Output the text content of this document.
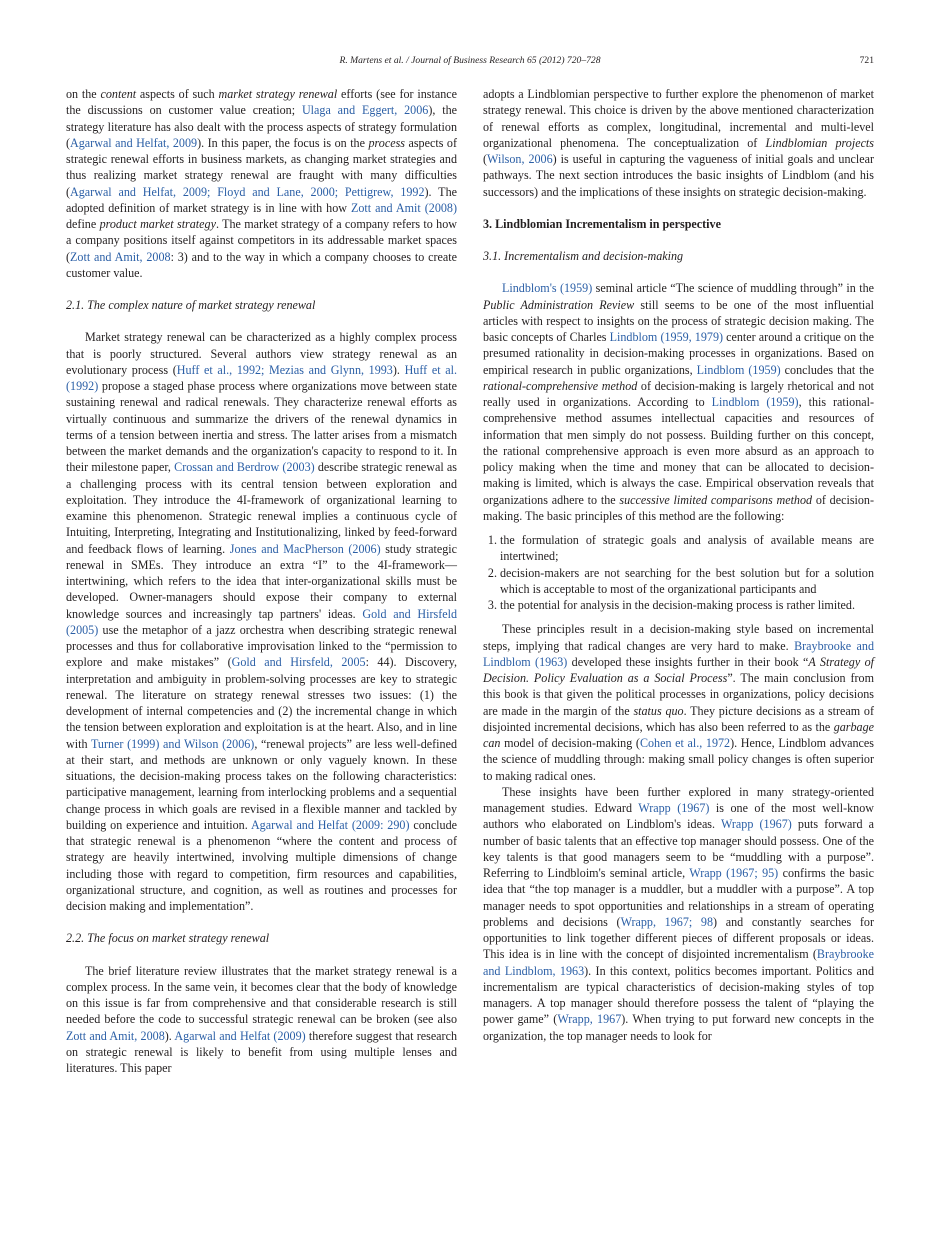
R. Martens et al. / Journal of Business Research 65 (2012) 720–728	721

on the content aspects of such market strategy renewal efforts (see for instance the discussions on customer value creation; Ulaga and Eggert, 2006), the strategy literature has also dealt with the process aspects of strategy formulation (Agarwal and Helfat, 2009). In this paper, the focus is on the process aspects of strategic renewal efforts in business markets, as changing market strategies and thus realizing market strategy renewal are fraught with many difficulties (Agarwal and Helfat, 2009; Floyd and Lane, 2000; Pettigrew, 1992). The adopted definition of market strategy is in line with how Zott and Amit (2008) define product market strategy. The market strategy of a company refers to how a company positions itself against competitors in its addressable market spaces (Zott and Amit, 2008: 3) and to the way in which a company chooses to create customer value.

2.1. The complex nature of market strategy renewal

Market strategy renewal can be characterized as a highly complex process that is poorly structured. Several authors view strategy renewal as an evolutionary process (Huff et al., 1992; Mezias and Glynn, 1993). Huff et al. (1992) propose a staged phase process where organizations move between state sustaining renewal and radical renewals. They characterize renewal efforts as virtually continuous and summarize the drivers of the renewal dynamics in terms of a tension between inertia and stress. The latter arises from a mismatch between the market demands and the organization's capacity to respond to it. In their milestone paper, Crossan and Berdrow (2003) describe strategic renewal as a challenging process with its central tension between exploration and exploitation. They introduce the 4I-framework of organizational learning to examine this phenomenon. Strategic renewal implies a continuous cycle of Intuiting, Interpreting, Integrating and Institutionalizing, linked by feed-forward and feedback flows of learning. Jones and MacPherson (2006) study strategic renewal in SMEs. They introduce an extra “I” to the 4I-framework—intertwining, which refers to the idea that inter-organizational skills must be developed. Owner-managers should expose their company to external knowledge sources and increasingly tap partners' ideas. Gold and Hirsfeld (2005) use the metaphor of a jazz orchestra when describing strategic renewal processes and thus for collaborative improvisation linked to the “permission to explore and make mistakes” (Gold and Hirsfeld, 2005: 44). Discovery, interpretation and ambiguity in problem-solving processes are key to strategic renewal. The literature on strategy renewal stresses two issues: (1) the development of internal competencies and (2) the incremental change in which the tension between exploration and exploitation is at the heart. Also, and in line with Turner (1999) and Wilson (2006), “renewal projects” are less well-defined at their start, and methods are unknown or only vaguely known. In these situations, the decision-making process takes on the following characteristics: participative management, learning from interlocking problems and a sequential change process in which goals are revised in a flexible manner and tackled by building on experience and intuition. Agarwal and Helfat (2009: 290) conclude that strategic renewal is a phenomenon “where the content and process of strategy are heavily intertwined, involving multiple dimensions of change including those with regard to competition, firm resources and capabilities, organizational structure, and cognition, as well as routines and processes for decision making and implementation”.

2.2. The focus on market strategy renewal

The brief literature review illustrates that the market strategy renewal is a complex process. In the same vein, it becomes clear that the body of knowledge on this issue is far from comprehensive and that considerable research is still needed before the code to successful strategic renewal can be broken (see also Zott and Amit, 2008). Agarwal and Helfat (2009) therefore suggest that research on strategic renewal is likely to benefit from using multiple lenses and literatures. This paper

adopts a Lindblomian perspective to further explore the phenomenon of market strategy renewal. This choice is driven by the above mentioned characterization of renewal efforts as complex, longitudinal, incremental and multi-level organizational phenomena. The conceptualization of Lindblomian projects (Wilson, 2006) is useful in capturing the vagueness of initial goals and unclear pathways. The next section introduces the basic insights of Lindblom (and his successors) and the implications of these insights on strategic decision-making.

3. Lindblomian Incrementalism in perspective
3.1. Incrementalism and decision-making

Lindblom's (1959) seminal article “The science of muddling through” in the Public Administration Review still seems to be one of the most influential articles with respect to insights on the process of strategic decision making. The basic concepts of Charles Lindblom (1959, 1979) center around a critique on the presumed rationality in decision-making processes in organizations. Based on empirical research in public organizations, Lindblom (1959) concludes that the rational-comprehensive method of decision-making is largely rhetorical and not really used in organizations. According to Lindblom (1959), this rational-comprehensive method assumes intellectual capacities and resources of information that men simply do not possess. Building further on this concept, the rational comprehensive approach is even more absurd as an approach to policy making when the time and money that can be allocated to decision-making is limited, which is always the case. Empirical observation reveals that organizations adhere to the successive limited comparisons method of decision-making. The basic principles of this method are the following:

1. the formulation of strategic goals and analysis of available means are intertwined;
2. decision-makers are not searching for the best solution but for a solution which is acceptable to most of the organizational participants and
3. the potential for analysis in the decision-making process is rather limited.

These principles result in a decision-making style based on incremental steps, implying that radical changes are very hard to make. Braybrooke and Lindblom (1963) developed these insights further in their book “A Strategy of Decision. Policy Evaluation as a Social Process”. The main conclusion from this book is that given the political processes in organizations, policy decisions are made in the margin of the status quo. They picture decisions as a stream of disjointed incremental decisions, which has also been referred to as the garbage can model of decision-making (Cohen et al., 1972). Hence, Lindblom advances the science of muddling through: making small policy changes is often superior to making radical ones.

These insights have been further explored in many strategy-oriented management studies. Edward Wrapp (1967) is one of the most well-know authors who elaborated on Lindblom's ideas. Wrapp (1967) puts forward a number of basic talents that an effective top manager should possess. One of the key talents is that good managers seem to be “muddling with a purpose”. Referring to Lindbloim's seminal article, Wrapp (1967; 95) confirms the basic idea that “the top manager is a muddler, but a muddler with a purpose”. A top manager needs to spot opportunities and relationships in a stream of operating problems and decisions (Wrapp, 1967; 98) and constantly searches for opportunities to link together different pieces of different proposals or ideas. This idea is in line with the concept of disjointed incrementalism (Braybrooke and Lindblom, 1963). In this context, politics becomes important. Politics and incrementalism are typical characteristics of decision-making styles of top managers. A top manager should therefore possess the talent of “playing the power game” (Wrapp, 1967). When trying to put forward new concepts in the organization, the top manager needs to look for
